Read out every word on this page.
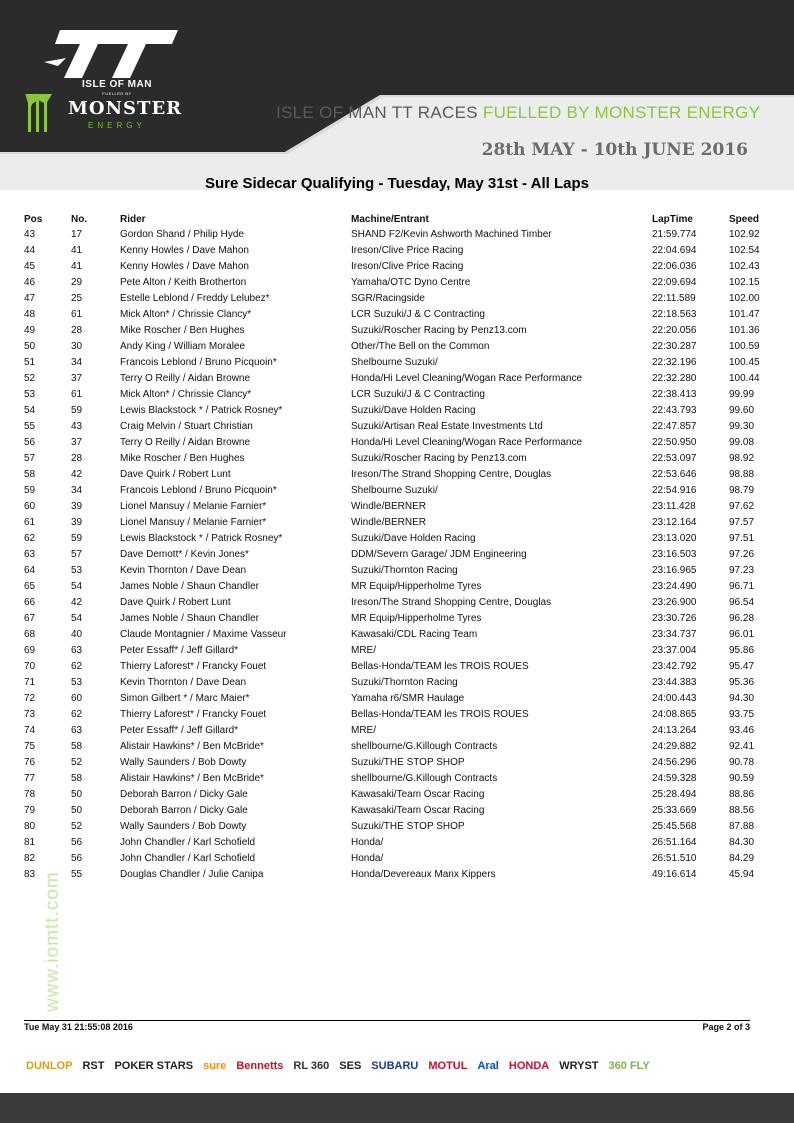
ISLE OF MAN
FUELLED BY
MONSTER
ENERGY
ISLE OF MAN TT RACES FUELLED BY MONSTER ENERGY
28th MAY - 10th JUNE 2016
Sure Sidecar Qualifying - Tuesday, May 31st - All Laps
Pos	No.	Rider	Machine/Entrant	LapTime	Speed
43	17	Gordon Shand / Philip Hyde	SHAND F2/Kevin Ashworth Machined Timber	21:59.774	102.92
44	41	Kenny Howles / Dave Mahon	Ireson/Clive Price Racing	22:04.694	102.54
45	41	Kenny Howles / Dave Mahon	Ireson/Clive Price Racing	22:06.036	102.43
46	29	Pete Alton / Keith Brotherton	Yamaha/OTC Dyno Centre	22:09.694	102.15
47	25	Estelle Leblond / Freddy Lelubez*	SGR/Racingside	22:11.589	102.00
48	61	Mick Alton* / Chrissie Clancy*	LCR Suzuki/J & C Contracting	22:18.563	101.47
49	28	Mike Roscher / Ben Hughes	Suzuki/Roscher Racing by Penz13.com	22:20.056	101.36
50	30	Andy King / William Moralee	Other/The Bell on the Common	22:30.287	100.59
51	34	Francois Leblond / Bruno Picquoin*	Shelbourne Suzuki/	22:32.196	100.45
52	37	Terry O Reilly / Aidan Browne	Honda/Hi Level Cleaning/Wogan Race Performance	22:32.280	100.44
53	61	Mick Alton* / Chrissie Clancy*	LCR Suzuki/J & C Contracting	22:38.413	99.99
54	59	Lewis Blackstock * / Patrick Rosney*	Suzuki/Dave Holden Racing	22:43.793	99.60
55	43	Craig Melvin / Stuart Christian	Suzuki/Artisan Real Estate Investments Ltd	22:47.857	99.30
56	37	Terry O Reilly / Aidan Browne	Honda/Hi Level Cleaning/Wogan Race Performance	22:50.950	99.08
57	28	Mike Roscher / Ben Hughes	Suzuki/Roscher Racing by Penz13.com	22:53.097	98.92
58	42	Dave Quirk / Robert Lunt	Ireson/The Strand Shopping Centre, Douglas	22:53.646	98.88
59	34	Francois Leblond / Bruno Picquoin*	Shelbourne Suzuki/	22:54.916	98.79
60	39	Lionel Mansuy / Melanie Farnier*	Windle/BERNER	23:11.428	97.62
61	39	Lionel Mansuy / Melanie Farnier*	Windle/BERNER	23:12.164	97.57
62	59	Lewis Blackstock * / Patrick Rosney*	Suzuki/Dave Holden Racing	23:13.020	97.51
63	57	Dave Demott* / Kevin Jones*	DDM/Severn Garage/ JDM Engineering	23:16.503	97.26
64	53	Kevin Thornton / Dave Dean	Suzuki/Thornton Racing	23:16.965	97.23
65	54	James Noble / Shaun Chandler	MR Equip/Hipperholme Tyres	23:24.490	96.71
66	42	Dave Quirk / Robert Lunt	Ireson/The Strand Shopping Centre, Douglas	23:26.900	96.54
67	54	James Noble / Shaun Chandler	MR Equip/Hipperholme Tyres	23:30.726	96.28
68	40	Claude Montagnier / Maxime Vasseur	Kawasaki/CDL Racing Team	23:34.737	96.01
69	63	Peter Essaff* / Jeff Gillard*	MRE/	23:37.004	95.86
70	62	Thierry Laforest* / Francky Fouet	Bellas-Honda/TEAM les TROIS ROUES	23:42.792	95.47
71	53	Kevin Thornton / Dave Dean	Suzuki/Thornton Racing	23:44.383	95.36
72	60	Simon Gilbert * / Marc Maier*	Yamaha r6/SMR Haulage	24:00.443	94.30
73	62	Thierry Laforest* / Francky Fouet	Bellas-Honda/TEAM les TROIS ROUES	24:08.865	93.75
74	63	Peter Essaff* / Jeff Gillard*	MRE/	24:13.264	93.46
75	58	Alistair Hawkins* / Ben McBride*	shellbourne/G.Killough Contracts	24:29.882	92.41
76	52	Wally Saunders / Bob Dowty	Suzuki/THE STOP SHOP	24:56.296	90.78
77	58	Alistair Hawkins* / Ben McBride*	shellbourne/G.Killough Contracts	24:59.328	90.59
78	50	Deborah Barron / Dicky Gale	Kawasaki/Team Oscar Racing	25:28.494	88.86
79	50	Deborah Barron / Dicky Gale	Kawasaki/Team Oscar Racing	25:33.669	88.56
80	52	Wally Saunders / Bob Dowty	Suzuki/THE STOP SHOP	25:45.568	87.88
81	56	John Chandler / Karl Schofield	Honda/	26:51.164	84.30
82	56	John Chandler / Karl Schofield	Honda/	26:51.510	84.29
83	55	Douglas Chandler / Julie Canipa	Honda/Devereaux Manx Kippers	49:16.614	45.94
www.iomtt.com
Tue May 31 21:55:08 2016	Page 2 of 3
DUNLOP RST POKER STARS sure Bennetts RL 360 SES SUBARU MOTUL Aral HONDA WRYST 360 FLY
